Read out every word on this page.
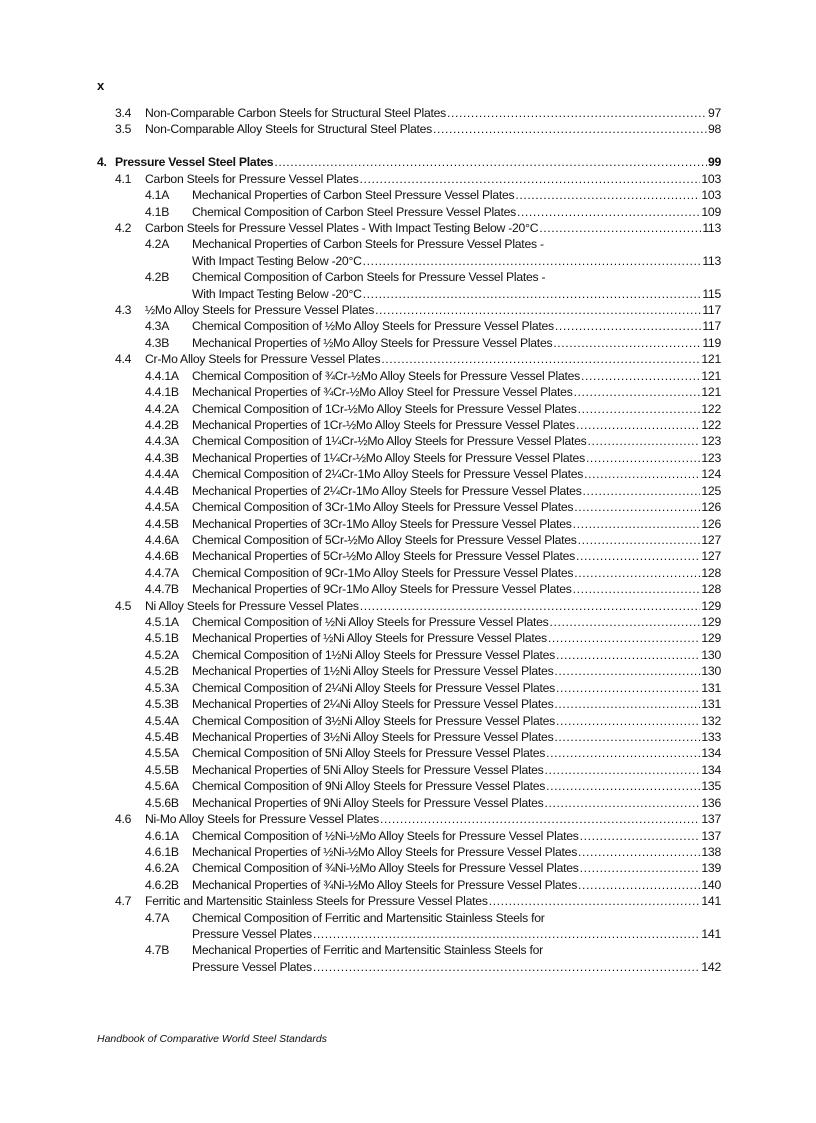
x
3.4	Non-Comparable Carbon Steels for Structural Steel Plates .....	97
3.5	Non-Comparable Alloy Steels for Structural Steel Plates .....	98
4. Pressure Vessel Steel Plates .....	99
4.1	Carbon Steels for Pressure Vessel Plates .....	103
4.1A	Mechanical Properties of Carbon Steel Pressure Vessel Plates .....	103
4.1B	Chemical Composition of Carbon Steel Pressure Vessel Plates .....	109
4.2	Carbon Steels for Pressure Vessel Plates - With Impact Testing Below -20°C .....	113
4.2A	Mechanical Properties of Carbon Steels for Pressure Vessel Plates -
With Impact Testing Below -20°C .....	113
4.2B	Chemical Composition of Carbon Steels for Pressure Vessel Plates -
With Impact Testing Below -20°C .....	115
4.3	½Mo Alloy Steels for Pressure Vessel Plates .....	117
4.3A	Chemical Composition of ½Mo Alloy Steels for Pressure Vessel Plates .....	117
4.3B	Mechanical Properties of ½Mo Alloy Steels for Pressure Vessel Plates .....	119
4.4	Cr-Mo Alloy Steels for Pressure Vessel Plates .....	121
4.4.1A	Chemical Composition of ¾Cr-½Mo Alloy Steels for Pressure Vessel Plates .....	121
4.4.1B	Mechanical Properties of ¾Cr-½Mo Alloy Steel for Pressure Vessel Plates .....	121
4.4.2A	Chemical Composition of 1Cr-½Mo Alloy Steels for Pressure Vessel Plates .....	122
4.4.2B	Mechanical Properties of 1Cr-½Mo Alloy Steels for Pressure Vessel Plates .....	122
4.4.3A	Chemical Composition of 1¼Cr-½Mo Alloy Steels for Pressure Vessel Plates .....	123
4.4.3B	Mechanical Properties of 1¼Cr-½Mo Alloy Steels for Pressure Vessel Plates .....	123
4.4.4A	Chemical Composition of 2¼Cr-1Mo Alloy Steels for Pressure Vessel Plates .....	124
4.4.4B	Mechanical Properties of 2¼Cr-1Mo Alloy Steels for Pressure Vessel Plates .....	125
4.4.5A	Chemical Composition of 3Cr-1Mo Alloy Steels for Pressure Vessel Plates .....	126
4.4.5B	Mechanical Properties of 3Cr-1Mo Alloy Steels for Pressure Vessel Plates .....	126
4.4.6A	Chemical Composition of 5Cr-½Mo Alloy Steels for Pressure Vessel Plates .....	127
4.4.6B	Mechanical Properties of 5Cr-½Mo Alloy Steels for Pressure Vessel Plates .....	127
4.4.7A	Chemical Composition of 9Cr-1Mo Alloy Steels for Pressure Vessel Plates .....	128
4.4.7B	Mechanical Properties of 9Cr-1Mo Alloy Steels for Pressure Vessel Plates .....	128
4.5	Ni Alloy Steels for Pressure Vessel Plates .....	129
4.5.1A	Chemical Composition of ½Ni Alloy Steels for Pressure Vessel Plates .....	129
4.5.1B	Mechanical Properties of ½Ni Alloy Steels for Pressure Vessel Plates .....	129
4.5.2A	Chemical Composition of 1½Ni Alloy Steels for Pressure Vessel Plates .....	130
4.5.2B	Mechanical Properties of 1½Ni Alloy Steels for Pressure Vessel Plates .....	130
4.5.3A	Chemical Composition of 2¼Ni Alloy Steels for Pressure Vessel Plates .....	131
4.5.3B	Mechanical Properties of 2¼Ni Alloy Steels for Pressure Vessel Plates .....	131
4.5.4A	Chemical Composition of 3½Ni Alloy Steels for Pressure Vessel Plates .....	132
4.5.4B	Mechanical Properties of 3½Ni Alloy Steels for Pressure Vessel Plates .....	133
4.5.5A	Chemical Composition of 5Ni Alloy Steels for Pressure Vessel Plates .....	134
4.5.5B	Mechanical Properties of 5Ni Alloy Steels for Pressure Vessel Plates .....	134
4.5.6A	Chemical Composition of 9Ni Alloy Steels for Pressure Vessel Plates .....	135
4.5.6B	Mechanical Properties of 9Ni Alloy Steels for Pressure Vessel Plates .....	136
4.6	Ni-Mo Alloy Steels for Pressure Vessel Plates .....	137
4.6.1A	Chemical Composition of ½Ni-½Mo Alloy Steels for Pressure Vessel Plates .....	137
4.6.1B	Mechanical Properties of ½Ni-½Mo Alloy Steels for Pressure Vessel Plates .....	138
4.6.2A	Chemical Composition of ¾Ni-½Mo Alloy Steels for Pressure Vessel Plates .....	139
4.6.2B	Mechanical Properties of ¾Ni-½Mo Alloy Steels for Pressure Vessel Plates .....	140
4.7	Ferritic and Martensitic Stainless Steels for Pressure Vessel Plates .....	141
4.7A	Chemical Composition of Ferritic and Martensitic Stainless Steels for
Pressure Vessel Plates .....	141
4.7B	Mechanical Properties of Ferritic and Martensitic Stainless Steels for
Pressure Vessel Plates .....	142
Handbook of Comparative World Steel Standards
